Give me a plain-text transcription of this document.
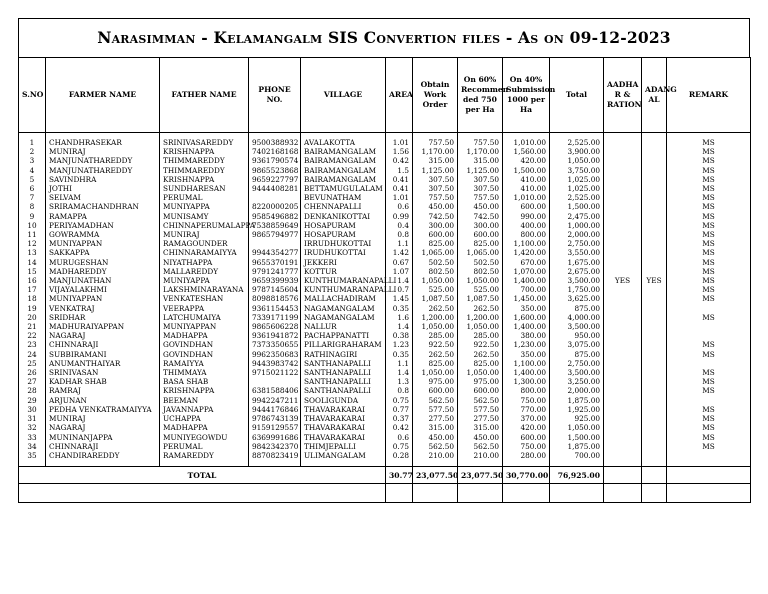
Narasimman - Kelamangalm SIS Convertion files - As on 09-12-2023
S.NO	FARMER NAME	FATHER NAME	PHONE NO.	VILLAGE	AREA	Obtain Work Order	On 60% Recommen ded 750 per Ha	On 40% Submission 1000 per Ha	Total	AADHA R & RATION	ADANG AL	REMARK

1	CHANDHRASEKAR	SRINIVASAREDDY	9500388932	AVALAKOTTA	1.01	757.50	757.50	1,010.00	2,525.00			MS
2	MUNIRAJ	KRISHNAPPA	7402168168	BAIRAMANGALAM	1.56	1,170.00	1,170.00	1,560.00	3,900.00			MS
3	MANJUNATHAREDDY	THIMMAREDDY	9361790574	BAIRAMANGALAM	0.42	315.00	315.00	420.00	1,050.00			MS
4	MANJUNATHAREDDY	THIMMAREDDY	9865523868	BAIRAMANGALAM	1.5	1,125.00	1,125.00	1,500.00	3,750.00			MS
5	SAVINDHRA	KRISHNAPPA	9659227797	BAIRAMANGALAM	0.41	307.50	307.50	410.00	1,025.00			MS
6	JOTHI	SUNDHARESAN	9444408281	BETTAMUGULALAM	0.41	307.50	307.50	410.00	1,025.00			MS
7	SELVAM	PERUMAL		BEVUNATHAM	1.01	757.50	757.50	1,010.00	2,525.00			MS
8	SRIRAMACHANDHRAN	MUNIYAPPA	8220000205	CHENNAPALLI	0.6	450.00	450.00	600.00	1,500.00			MS
9	RAMAPPA	MUNISAMY	9585496882	DENKANIKOTTAI	0.99	742.50	742.50	990.00	2,475.00			MS
10	PERIYAMADHAN	CHINNAPERUMALAPPA	7538859649	HOSAPURAM	0.4	300.00	300.00	400.00	1,000.00			MS
11	GOWRAMMA	MUNIRAJ	9865794977	HOSAPURAM	0.8	600.00	600.00	800.00	2,000.00			MS
12	MUNIYAPPAN	RAMAGOUNDER		IRRUDHUKOTTAI	1.1	825.00	825.00	1,100.00	2,750.00			MS
13	SAKKAPPA	CHINNARAMAIYYA	9944354277	IRUDHUKOTTAI	1.42	1,065.00	1,065.00	1,420.00	3,550.00			MS
14	MURUGESHAN	NIYATHAPPA	9655370191	JEKKERI	0.67	502.50	502.50	670.00	1,675.00			MS
15	MADHAREDDY	MALLAREDDY	9791241777	KOTTUR	1.07	802.50	802.50	1,070.00	2,675.00			MS
16	MANJUNATHAN	MUNIYAPPA	9659399939	KUNTHUMARANAPALLI	1.4	1,050.00	1,050.00	1,400.00	3,500.00	YES	YES	MS
17	VIJAYALAKHMI	LAKSHMINARAYANA	9787145604	KUNTHUMARANAPALLI	0.7	525.00	525.00	700.00	1,750.00			MS
18	MUNIYAPPAN	VENKATESHAN	8098818576	MALLACHADIRAM	1.45	1,087.50	1,087.50	1,450.00	3,625.00			MS
19	VENKATRAJ	VEERAPPA	9361154453	NAGAMANGALAM	0.35	262.50	262.50	350.00	875.00			
20	SRIDHAR	LATCHUMAIYA	7339171199	NAGAMANGALAM	1.6	1,200.00	1,200.00	1,600.00	4,000.00			MS
21	MADHURAIYAPPAN	MUNIYAPPAN	9865606228	NALLUR	1.4	1,050.00	1,050.00	1,400.00	3,500.00			
22	NAGARAJ	MADHAPPA	9361941872	PACHAPPANATTI	0.38	285.00	285.00	380.00	950.00			
23	CHINNARAJI	GOVINDHAN	7373350655	PILLARIGRAHARAM	1.23	922.50	922.50	1,230.00	3,075.00			MS
24	SUBBIRAMANI	GOVINDHAN	9962350683	RATHINAGIRI	0.35	262.50	262.50	350.00	875.00			MS
25	ANUMANTHAIYAR	RAMAIYYA	9443983742	SANTHANAPALLI	1.1	825.00	825.00	1,100.00	2,750.00			
26	SRINIVASAN	THIMMAYA	9715021122	SANTHANAPALLI	1.4	1,050.00	1,050.00	1,400.00	3,500.00			MS
27	KADHAR SHAB	BASA SHAB		SANTHANAPALLI	1.3	975.00	975.00	1,300.00	3,250.00			MS
28	RAMRAJ	KRISHNAPPA	6381588406	SANTHANAPALLI	0.8	600.00	600.00	800.00	2,000.00			MS
29	ARJUNAN	BEEMAN	9942247211	SOOLIGUNDA	0.75	562.50	562.50	750.00	1,875.00			
30	PEDHA VENKATRAMAIYYA	JAVANNAPPA	9444176846	THAVARAKARAI	0.77	577.50	577.50	770.00	1,925.00			MS
31	MUNIRAJ	UCHAPPA	9786743139	THAVARAKARAI	0.37	277.50	277.50	370.00	925.00			MS
32	NAGARAJ	MADHAPPA	9159129557	THAVARAKARAI	0.42	315.00	315.00	420.00	1,050.00			MS
33	MUNINANJAPPA	MUNIYEGOWDU	6369991686	THAVARAKARAI	0.6	450.00	450.00	600.00	1,500.00			MS
34	CHINNARAJI	PERUMAL	9842342370	THIMJEPALLI	0.75	562.50	562.50	750.00	1,875.00			MS
35	CHANDIRAREDDY	RAMAREDDY	8870823419	ULIMANGALAM	0.28	210.00	210.00	280.00	700.00			

TOTAL					30.77	23,077.50	23,077.50	30,770.00	76,925.00			
